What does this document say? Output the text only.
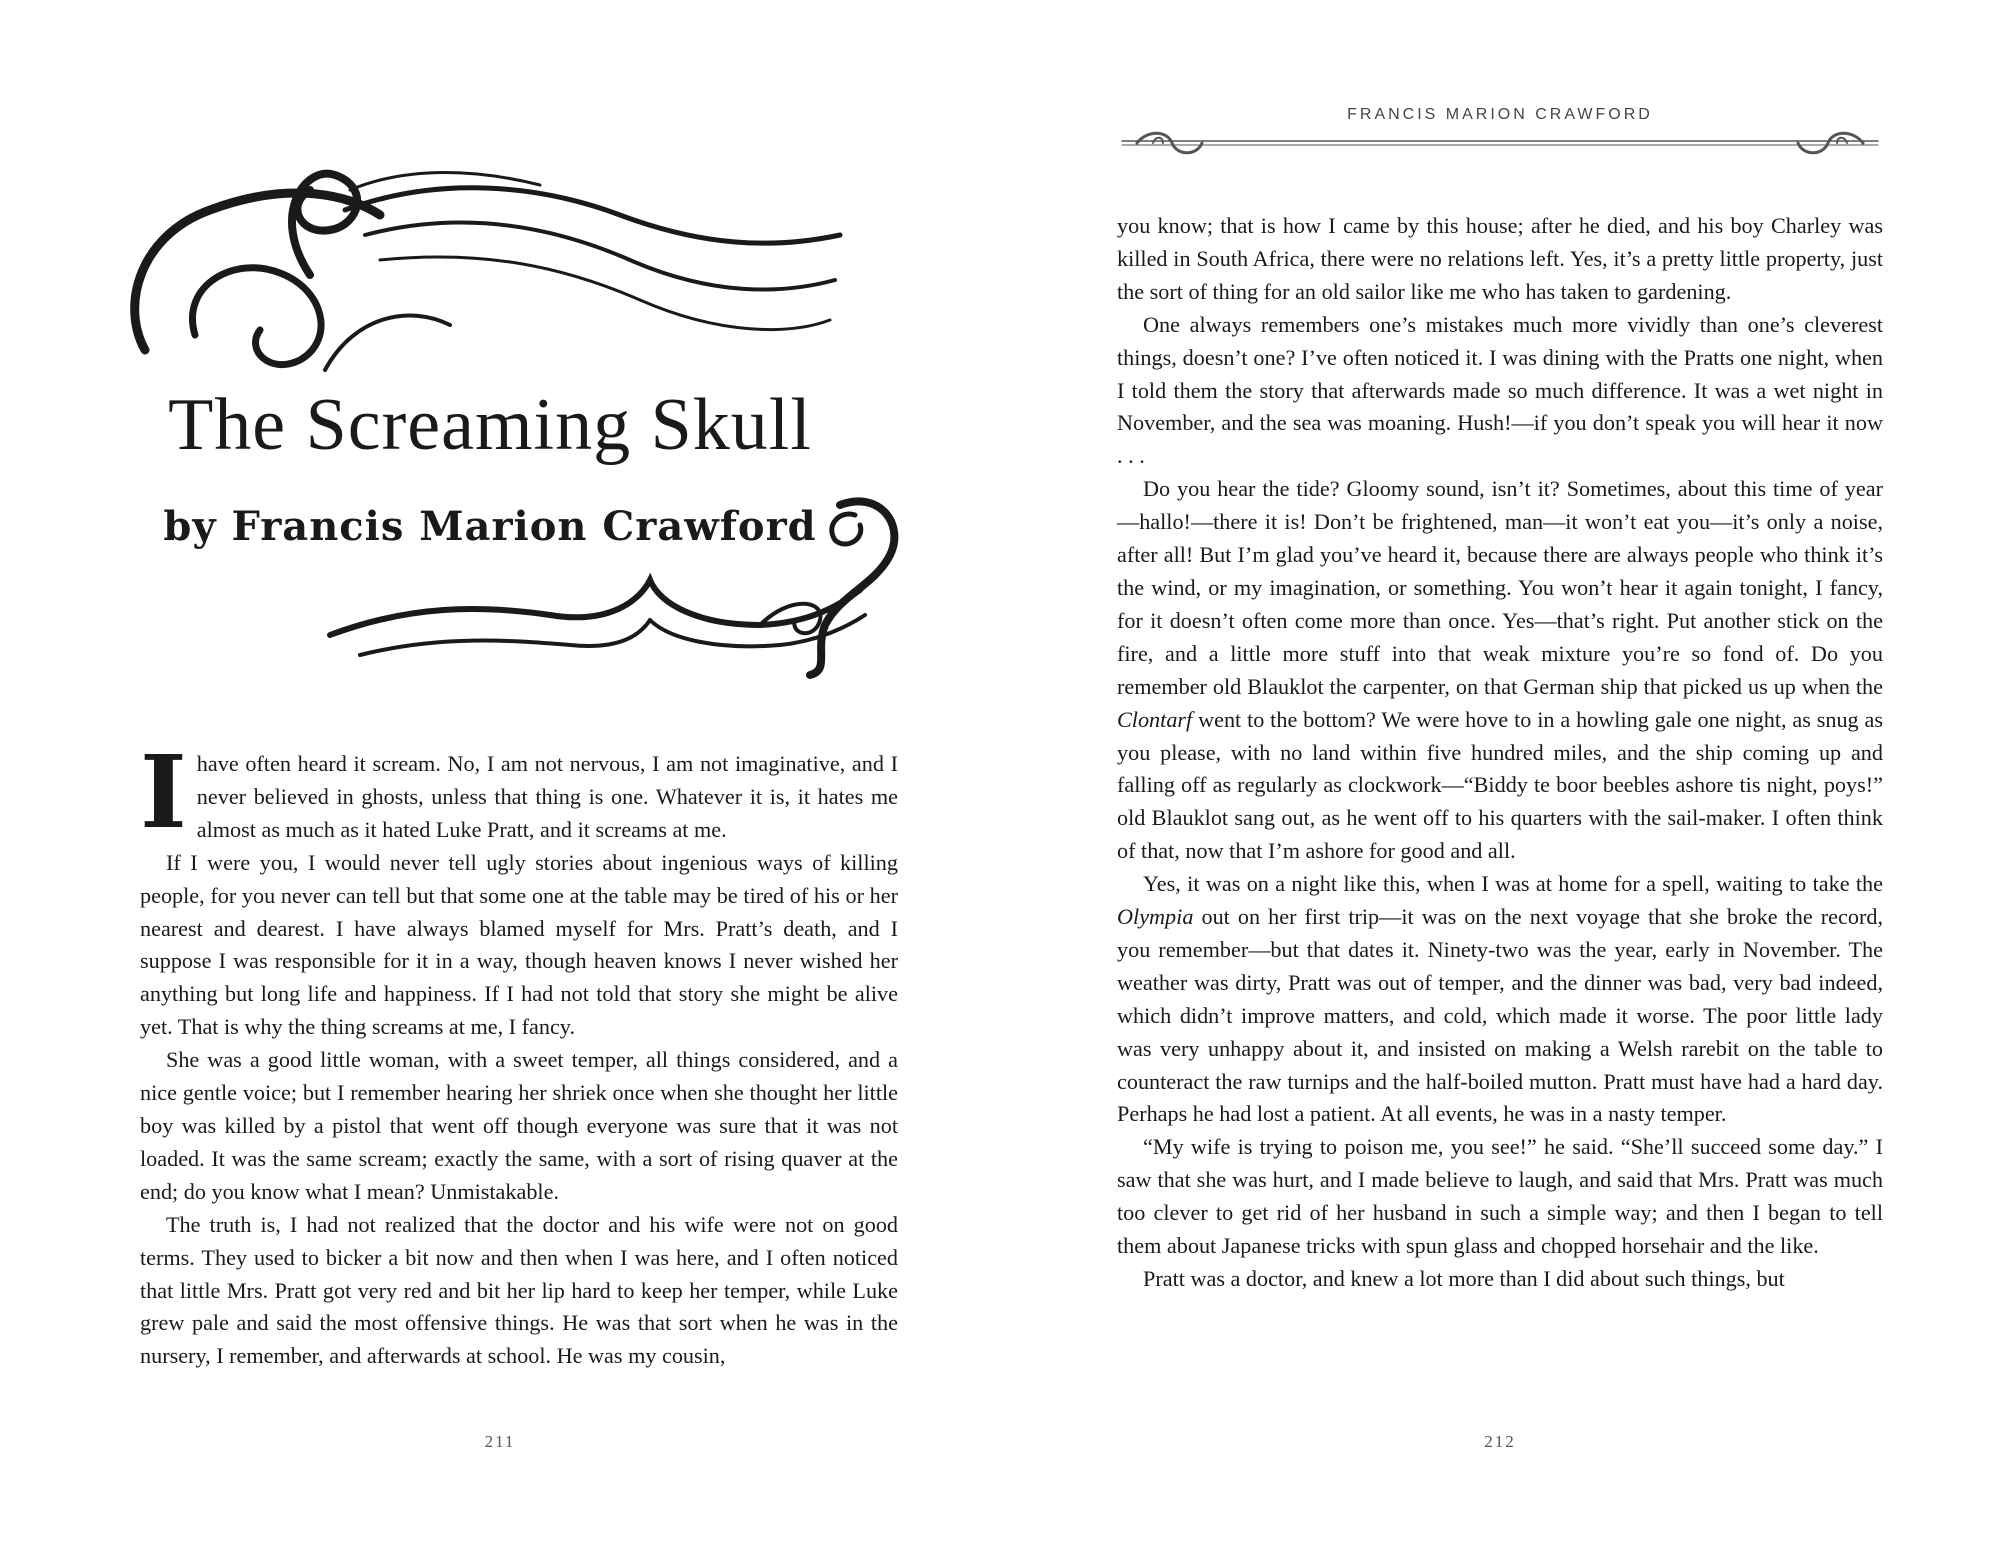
The Screaming Skull
by Francis Marion Crawford

Ihave often heard it scream. No, I am not nervous, I am not imaginative, and I never believed in ghosts, unless that thing is one. Whatever it is, it hates me almost as much as it hated Luke Pratt, and it screams at me.

If I were you, I would never tell ugly stories about ingenious ways of killing people, for you never can tell but that some one at the table may be tired of his or her nearest and dearest. I have always blamed myself for Mrs. Pratt’s death, and I suppose I was responsible for it in a way, though heaven knows I never wished her anything but long life and happiness. If I had not told that story she might be alive yet. That is why the thing screams at me, I fancy.

She was a good little woman, with a sweet temper, all things considered, and a nice gentle voice; but I remember hearing her shriek once when she thought her little boy was killed by a pistol that went off though everyone was sure that it was not loaded. It was the same scream; exactly the same, with a sort of rising quaver at the end; do you know what I mean? Unmistakable.

The truth is, I had not realized that the doctor and his wife were not on good terms. They used to bicker a bit now and then when I was here, and I often noticed that little Mrs. Pratt got very red and bit her lip hard to keep her temper, while Luke grew pale and said the most offensive things. He was that sort when he was in the nursery, I remember, and afterwards at school. He was my cousin,

211
FRANCIS MARION CRAWFORD

you know; that is how I came by this house; after he died, and his boy Charley was killed in South Africa, there were no relations left. Yes, it’s a pretty little property, just the sort of thing for an old sailor like me who has taken to gardening.

One always remembers one’s mistakes much more vividly than one’s cleverest things, doesn’t one? I’ve often noticed it. I was dining with the Pratts one night, when I told them the story that afterwards made so much difference. It was a wet night in November, and the sea was moaning. Hush!—if you don’t speak you will hear it now . . .

Do you hear the tide? Gloomy sound, isn’t it? Sometimes, about this time of year—hallo!—there it is! Don’t be frightened, man—it won’t eat you—it’s only a noise, after all! But I’m glad you’ve heard it, because there are always people who think it’s the wind, or my imagination, or something. You won’t hear it again tonight, I fancy, for it doesn’t often come more than once. Yes—that’s right. Put another stick on the fire, and a little more stuff into that weak mixture you’re so fond of. Do you remember old Blauklot the carpenter, on that German ship that picked us up when the Clontarf went to the bottom? We were hove to in a howling gale one night, as snug as you please, with no land within five hundred miles, and the ship coming up and falling off as regularly as clockwork—“Biddy te boor beebles ashore tis night, poys!” old Blauklot sang out, as he went off to his quarters with the sail-maker. I often think of that, now that I’m ashore for good and all.

Yes, it was on a night like this, when I was at home for a spell, waiting to take the Olympia out on her first trip—it was on the next voyage that she broke the record, you remember—but that dates it. Ninety-two was the year, early in November. The weather was dirty, Pratt was out of temper, and the dinner was bad, very bad indeed, which didn’t improve matters, and cold, which made it worse. The poor little lady was very unhappy about it, and insisted on making a Welsh rarebit on the table to counteract the raw turnips and the half-boiled mutton. Pratt must have had a hard day. Perhaps he had lost a patient. At all events, he was in a nasty temper.

“My wife is trying to poison me, you see!” he said. “She’ll succeed some day.” I saw that she was hurt, and I made believe to laugh, and said that Mrs. Pratt was much too clever to get rid of her husband in such a simple way; and then I began to tell them about Japanese tricks with spun glass and chopped horsehair and the like.

Pratt was a doctor, and knew a lot more than I did about such things, but

212
